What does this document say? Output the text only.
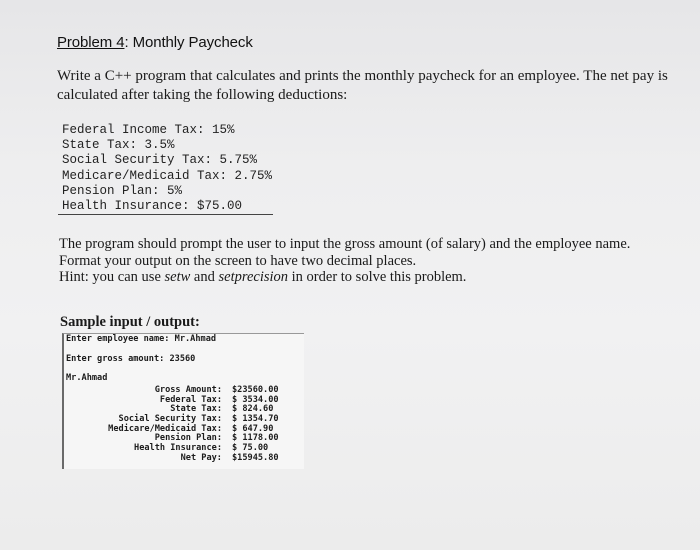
Problem 4: Monthly Paycheck
Write a C++ program that calculates and prints the monthly paycheck for an employee. The net pay is
calculated after taking the following deductions:
Federal Income Tax: 15%
State Tax: 3.5%
Social Security Tax: 5.75%
Medicare/Medicaid Tax: 2.75%
Pension Plan: 5%
Health Insurance: $75.00
The program should prompt the user to input the gross amount (of salary) and the employee name.
Format your output on the screen to have two decimal places.
Hint: you can use setw and setprecision in order to solve this problem.
Sample input / output:
Enter employee name: Mr.Ahmad
Enter gross amount: 23560
Mr.Ahmad
Gross Amount: $23560.00
Federal Tax: $ 3534.00
State Tax: $ 824.60
Social Security Tax: $ 1354.70
Medicare/Medicaid Tax: $ 647.90
Pension Plan: $ 1178.00
Health Insurance: $ 75.00
Net Pay: $15945.80
